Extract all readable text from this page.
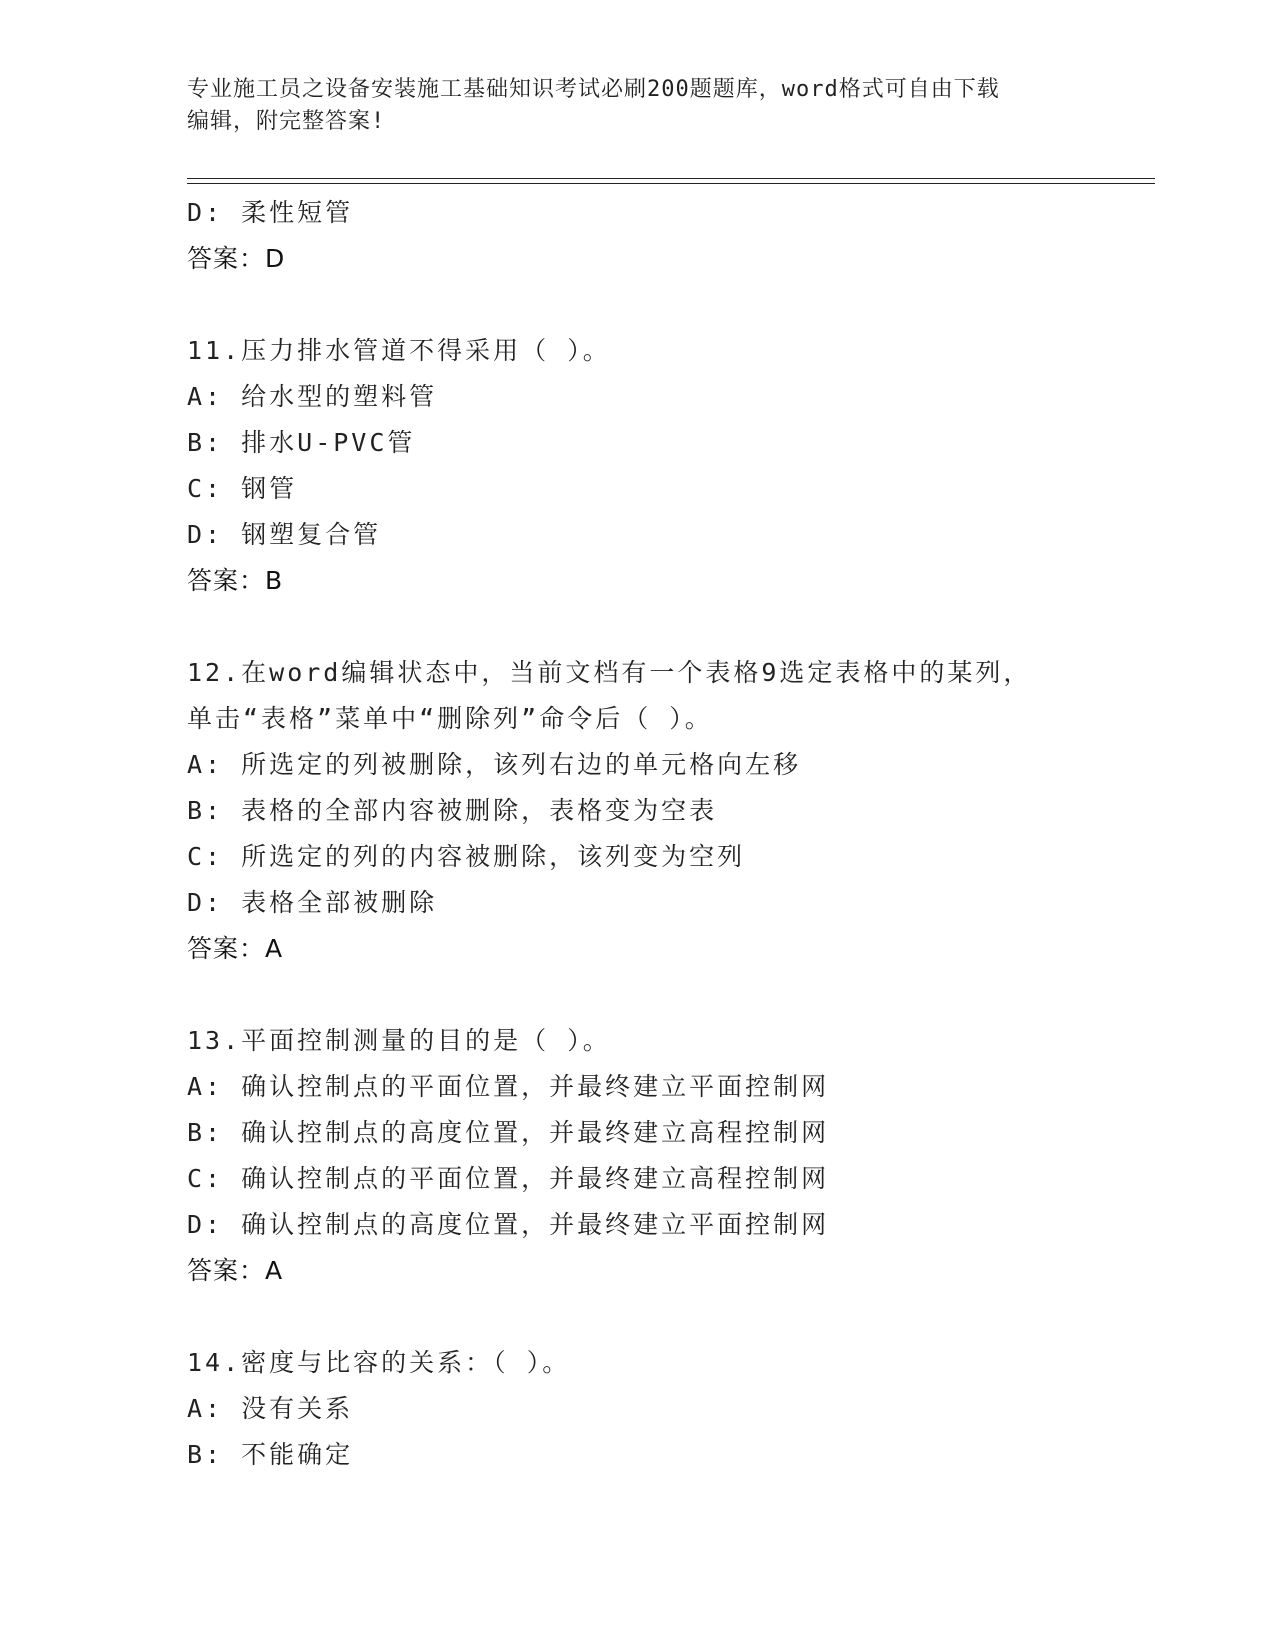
专业施工员之设备安装施工基础知识考试必刷200题题库，word格式可自由下载
编辑，附完整答案!
D: 柔性短管
答案：D
11.压力排水管道不得采用（ ）。
A: 给水型的塑料管
B: 排水U-PVC管
C: 钢管
D: 钢塑复合管
答案：B
12.在word编辑状态中，当前文档有一个表格9选定表格中的某列，
单击“表格”菜单中“删除列”命令后（ ）。
A: 所选定的列被删除，该列右边的单元格向左移
B: 表格的全部内容被删除，表格变为空表
C: 所选定的列的内容被删除，该列变为空列
D: 表格全部被删除
答案：A
13.平面控制测量的目的是（ ）。
A: 确认控制点的平面位置，并最终建立平面控制网
B: 确认控制点的高度位置，并最终建立高程控制网
C: 确认控制点的平面位置，并最终建立高程控制网
D: 确认控制点的高度位置，并最终建立平面控制网
答案：A
14.密度与比容的关系：（ ）。
A: 没有关系
B: 不能确定
